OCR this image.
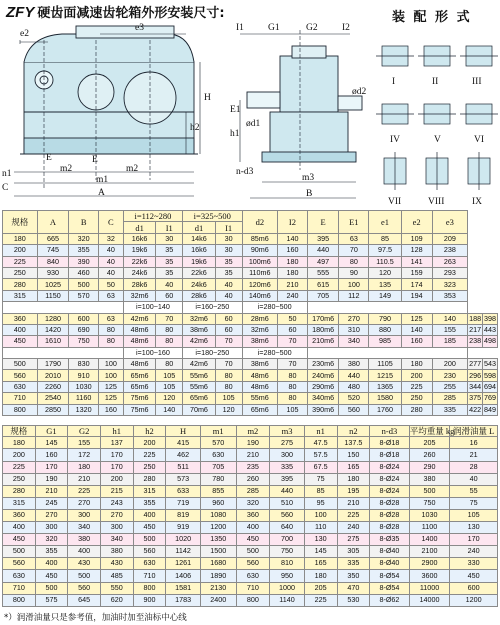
ZFY 硬齿面减速齿轮箱外形安装尺寸:	装 配 形 式
e2
e3
H
h2
E	E
m2	m2
m1
A
n1
C
I1	G1	G2	I2
E1
h1
ød1
ød2
n-d3
m3
B
I	II	III
IV	V	VI
VII	VIII	IX
规格	A	B	C	i=112~280		i=325~500		d2	I2	E	E1	e1	e2	e3		
				d1	I1	d1	I1									
180	665	320	32	16k6	30	14k6	30	85m6	140	395	63	85	109	209		
200	745	355	40	19k6	35	16k6	30	90m6	160	440	70	97.5	128	238		
225	840	390	40	22k6	35	19k6	35	100m6	180	497	80	110.5	141	263		
250	930	460	40	24k6	35	22k6	35	110m6	180	555	90	120	159	293		
280	1025	500	50	28k6	40	24k6	40	120m6	210	615	100	135	174	323		
315	1150	570	63	32m6	60	28k6	40	140m6	240	705	112	149	194	353		
				i=100~140		i=160~250		i=280~500								
360	1280	600	63	42m6	70	32m6	60	28m6	50	170m6	270	790	125	140	188	398
400	1420	690	80	48m6	80	38m6	60	32m6	60	180m6	310	880	140	155	217	443
450	1610	750	80	48m6	80	42m6	70	38m6	70	210m6	340	985	160	185	238	498
				i=100~160		i=180~250		i=280~500								
500	1790	830	100	48m6	80	42m6	70	38m6	70	230m6	380	1105	180	200	277	543
560	2010	910	100	65m6	105	55m6	80	48m6	80	240m6	440	1215	200	230	296	598
630	2260	1030	125	65m6	105	55m6	80	48m6	80	290m6	480	1365	225	255	344	694
710	2540	1160	125	75m6	120	65m6	105	55m6	80	340m6	520	1580	250	285	375	769
800	2850	1320	160	75m6	140	70m6	120	65m6	105	390m6	560	1760	280	335	422	849
规格	G1	G2	h1	h2	H	m1	m2	m3	n1	n2	n-d3	平均重量 kg	润滑油量 L
180	145	155	137	200	415	570	190	275	47.5	137.5	8-Ø18	205	16
200	160	172	170	225	462	630	210	300	57.5	150	8-Ø18	260	21
225	170	180	170	250	511	705	235	335	67.5	165	8-Ø24	290	28
250	190	210	200	280	573	780	260	395	75	180	8-Ø24	380	40
280	210	225	215	315	633	855	285	440	85	195	8-Ø24	500	55
315	245	270	243	355	719	960	320	510	95	210	8-Ø28	750	75
360	270	300	270	400	819	1080	360	560	100	225	8-Ø28	1030	105
400	300	340	300	450	919	1200	400	640	110	240	8-Ø28	1100	130
450	320	380	340	500	1020	1350	450	700	130	275	8-Ø35	1400	170
500	355	400	380	560	1142	1500	500	750	145	305	8-Ø40	2100	240
560	400	430	430	630	1261	1680	560	810	165	335	8-Ø40	2900	330
630	450	500	485	710	1406	1890	630	950	180	350	8-Ø54	3600	450
710	500	560	550	800	1581	2130	710	1000	205	470	8-Ø54	11000	600
800	575	645	620	900	1783	2400	800	1140	225	530	8-Ø62	14000	1200
*）润滑油量只是参考值，加油时加至油标中心线
